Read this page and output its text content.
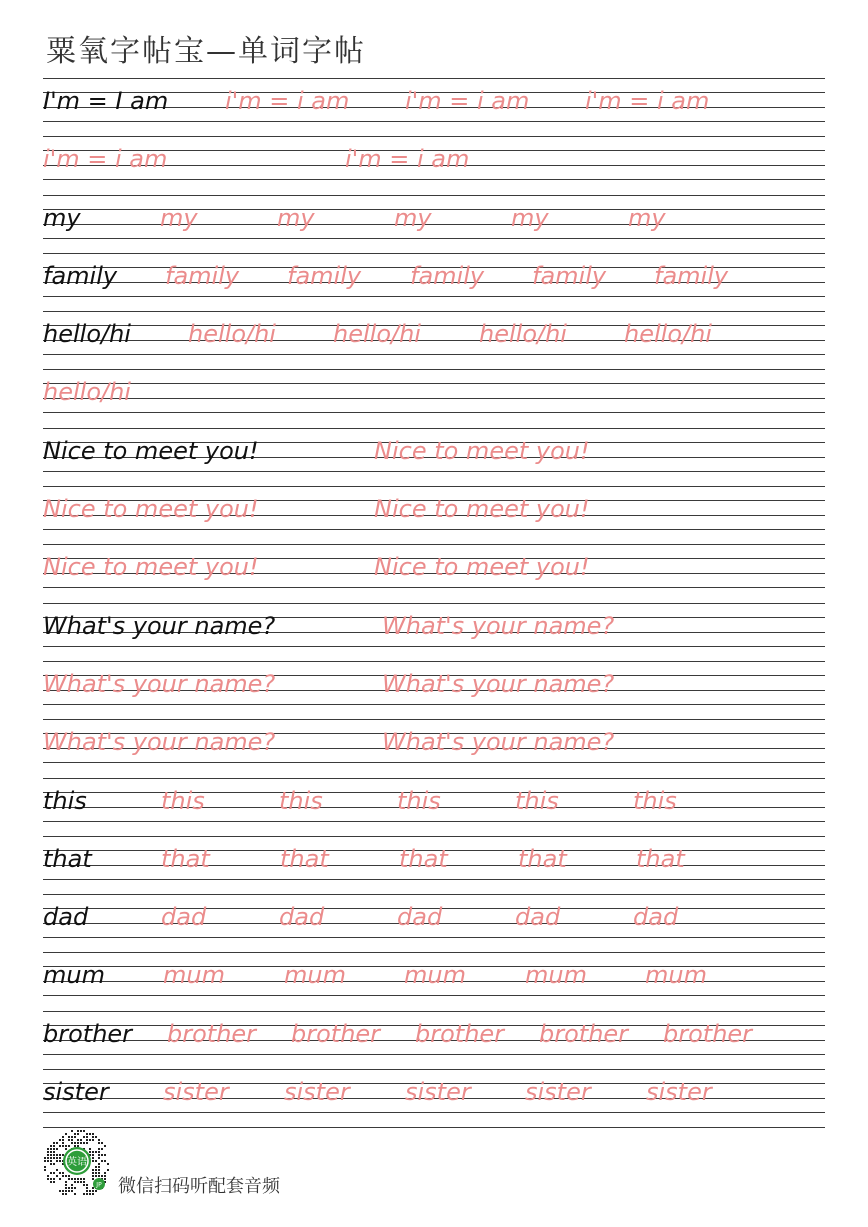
粟氧字帖宝—单词字帖
I'm = I am i'm = i am i'm = i am i'm = i am
i'm = i am	i'm = i am
my	my	my	my	my	my
family family family family family family
hello/hi hello/hi hello/hi hello/hi hello/hi
hello/hi
Nice to meet you!	Nice to meet you!
Nice to meet you!	Nice to meet you!
Nice to meet you!	Nice to meet you!
What's your name?	What's your name?
What's your name?	What's your name?
What's your name?	What's your name?
this	this	this	this	this	this
that	that	that	that	that	that
dad	dad	dad	dad	dad	dad
mum mum mum mum mum mum
brother brother brother brother brother brother
sister sister sister sister sister sister
英语
JP 微信扫码听配套音频
